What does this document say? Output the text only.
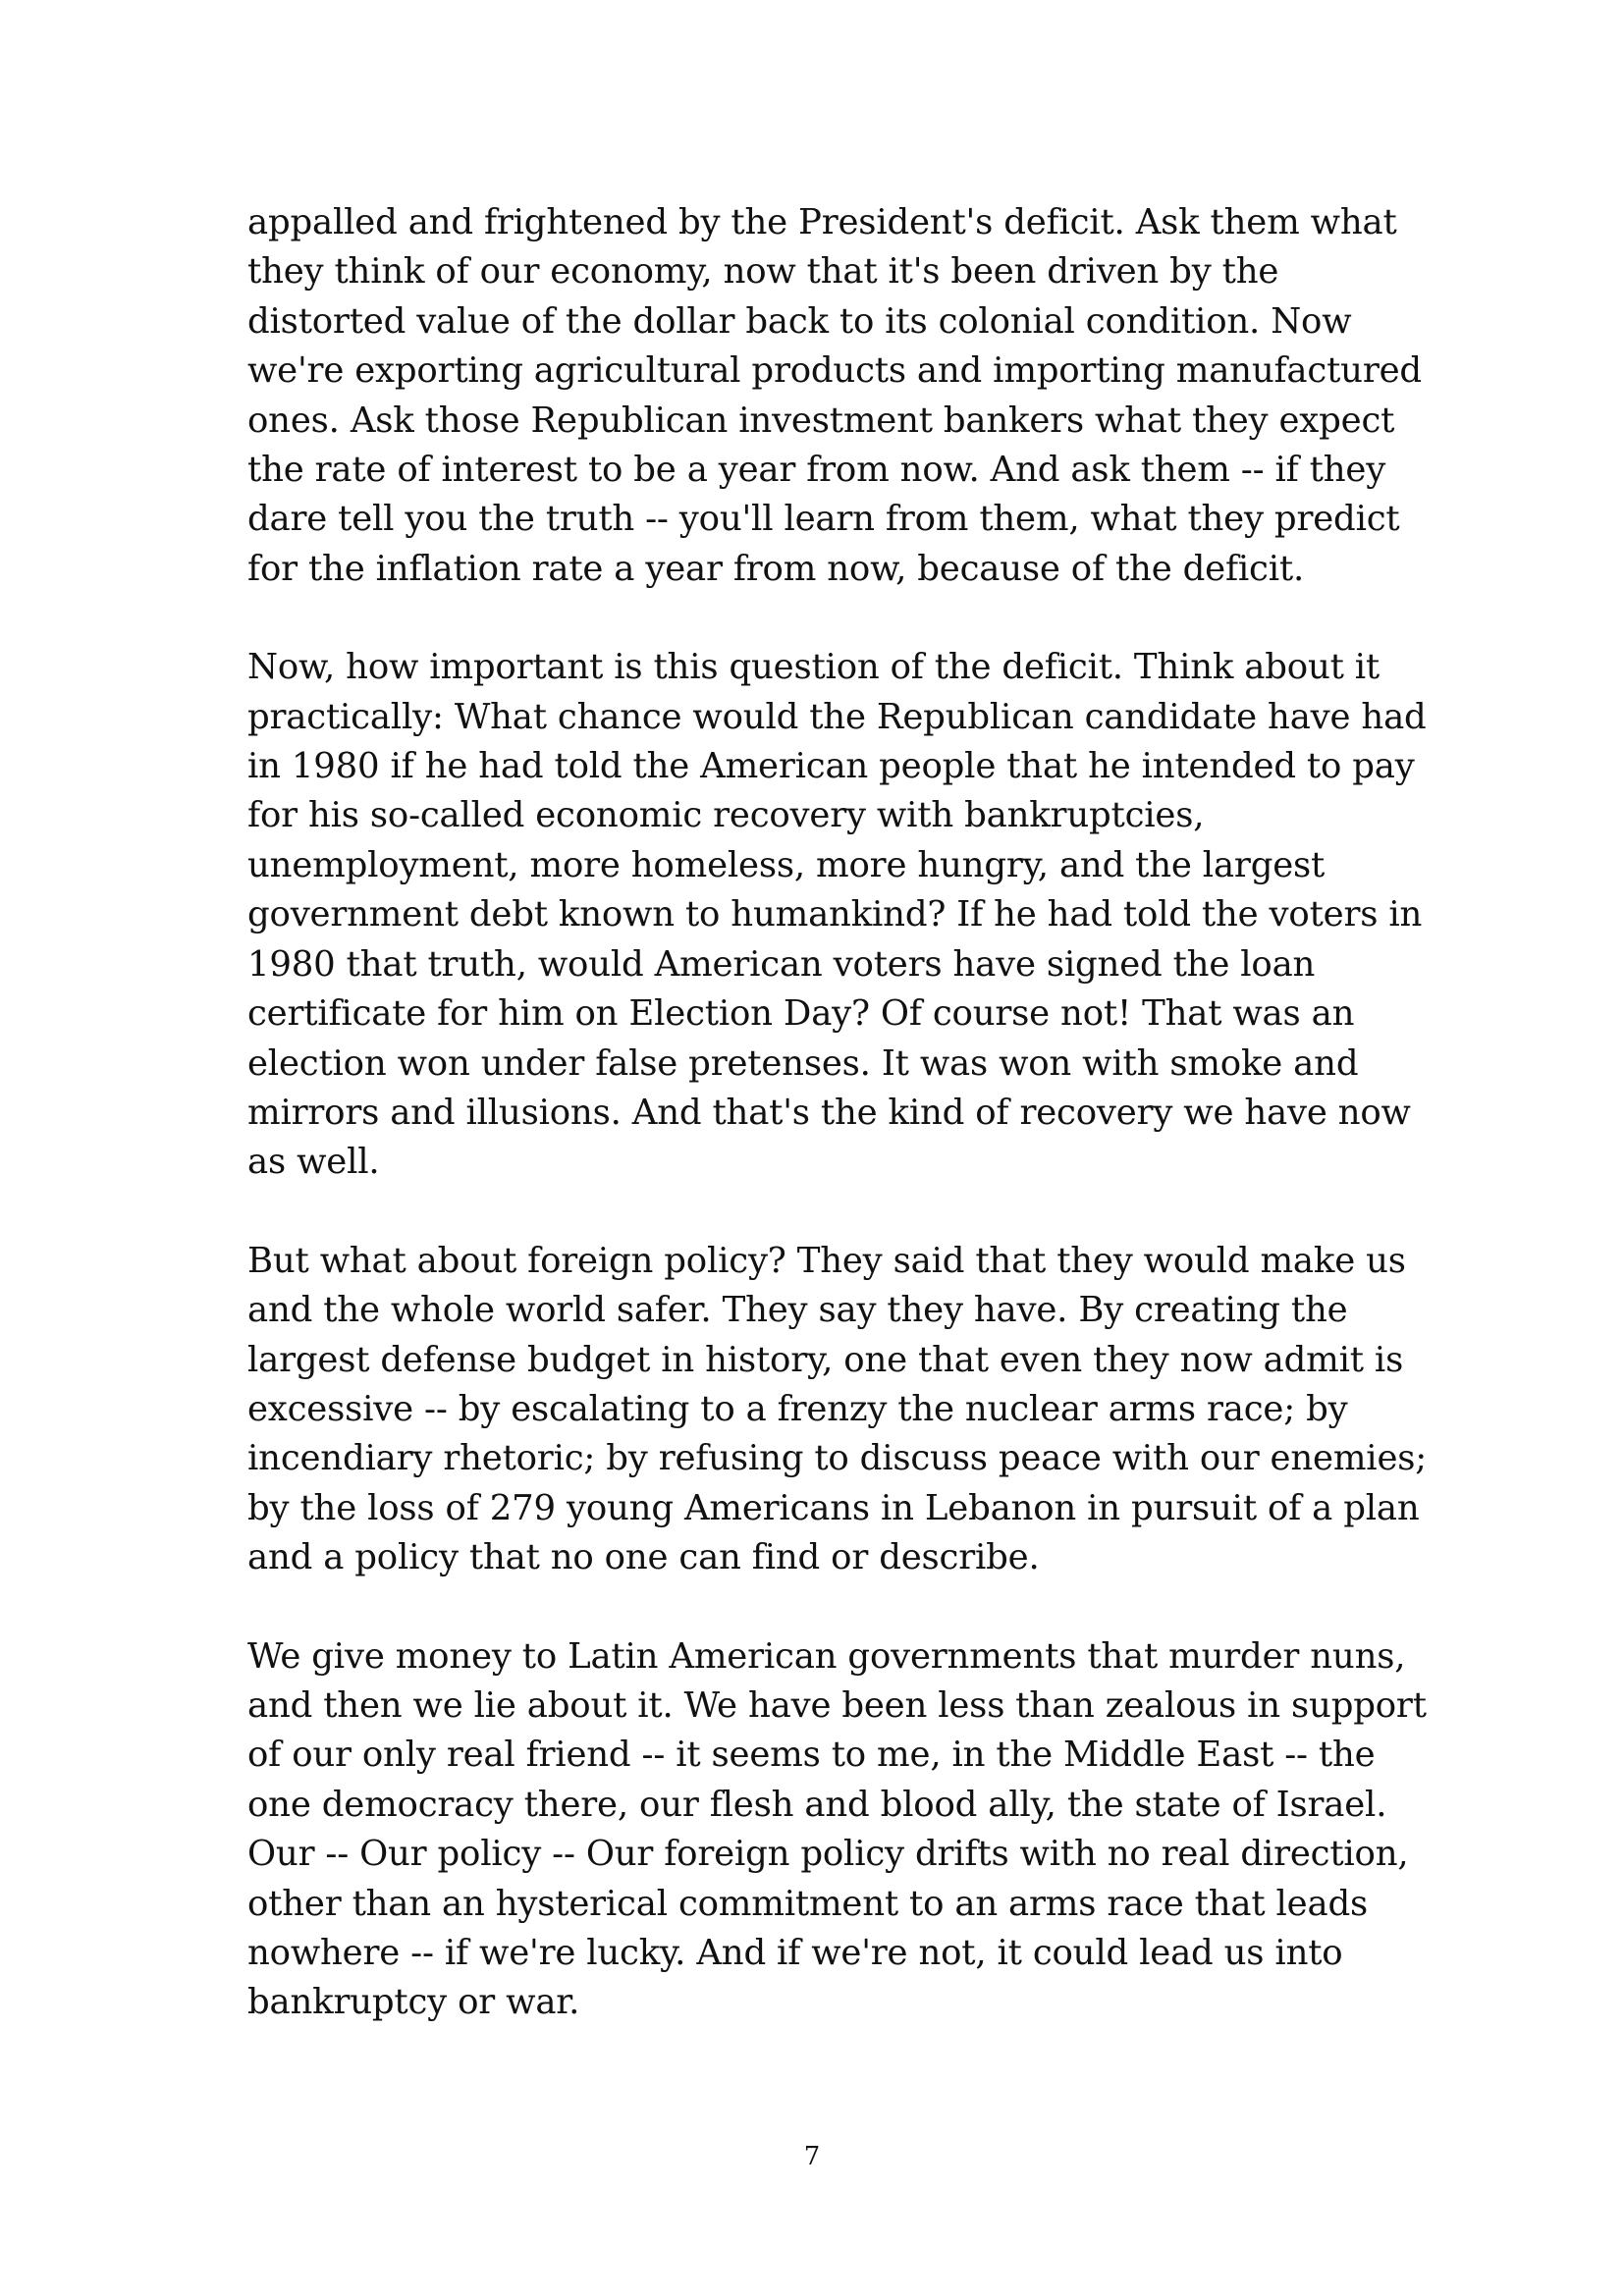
appalled and frightened by the President's deficit. Ask them what
they think of our economy, now that it's been driven by the
distorted value of the dollar back to its colonial condition. Now
we're exporting agricultural products and importing manufactured
ones. Ask those Republican investment bankers what they expect
the rate of interest to be a year from now. And ask them -- if they
dare tell you the truth -- you'll learn from them, what they predict
for the inflation rate a year from now, because of the deficit.

Now, how important is this question of the deficit. Think about it
practically: What chance would the Republican candidate have had
in 1980 if he had told the American people that he intended to pay
for his so-called economic recovery with bankruptcies,
unemployment, more homeless, more hungry, and the largest
government debt known to humankind? If he had told the voters in
1980 that truth, would American voters have signed the loan
certificate for him on Election Day? Of course not! That was an
election won under false pretenses. It was won with smoke and
mirrors and illusions. And that's the kind of recovery we have now
as well.

But what about foreign policy? They said that they would make us
and the whole world safer. They say they have. By creating the
largest defense budget in history, one that even they now admit is
excessive -- by escalating to a frenzy the nuclear arms race; by
incendiary rhetoric; by refusing to discuss peace with our enemies;
by the loss of 279 young Americans in Lebanon in pursuit of a plan
and a policy that no one can find or describe.

We give money to Latin American governments that murder nuns,
and then we lie about it. We have been less than zealous in support
of our only real friend -- it seems to me, in the Middle East -- the
one democracy there, our flesh and blood ally, the state of Israel.
Our -- Our policy -- Our foreign policy drifts with no real direction,
other than an hysterical commitment to an arms race that leads
nowhere -- if we're lucky. And if we're not, it could lead us into
bankruptcy or war.

7
